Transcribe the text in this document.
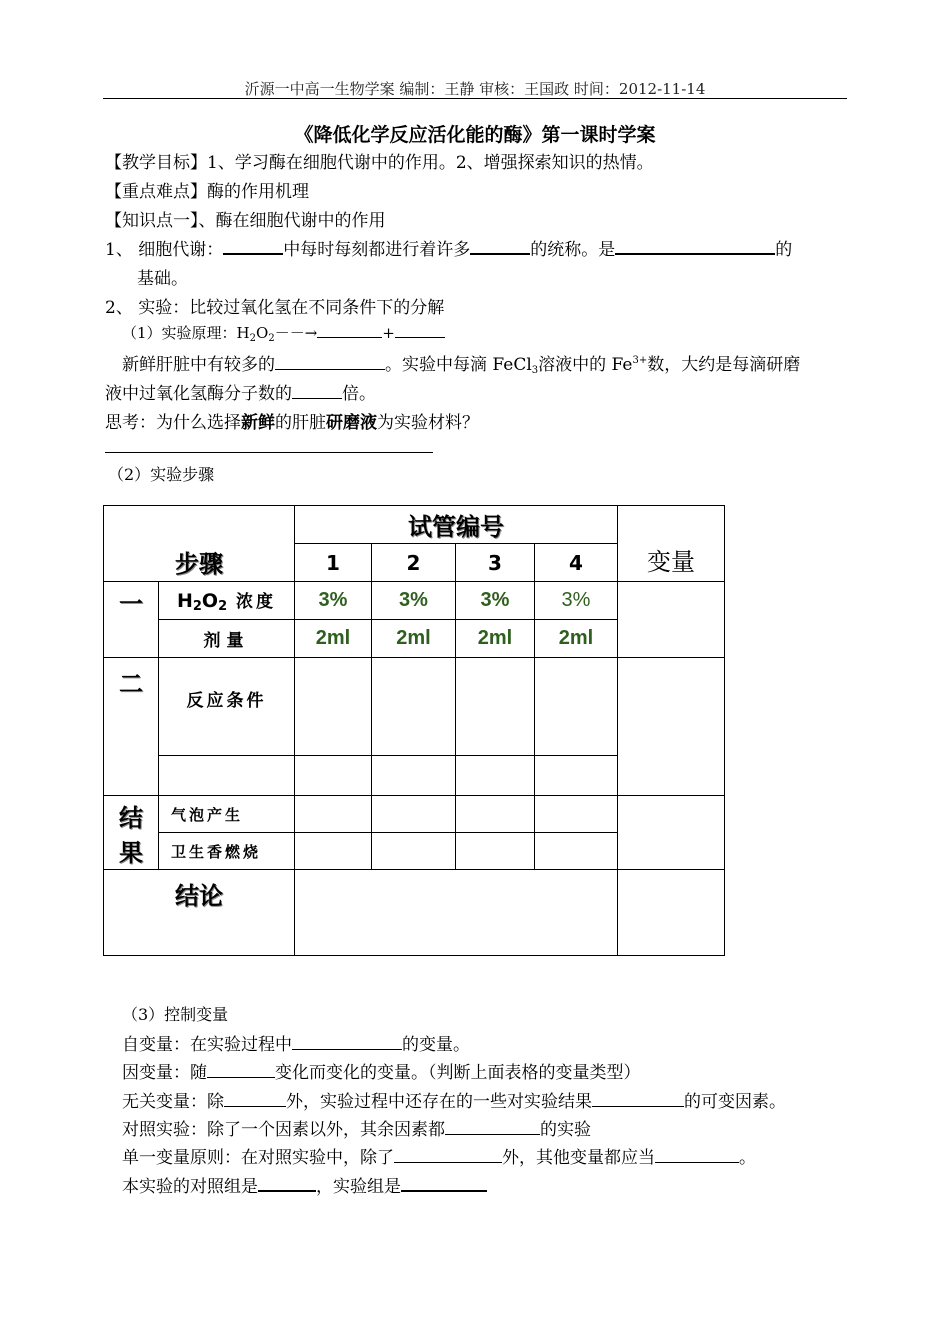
沂源一中高一生物学案 编制：王静 审核：王国政 时间：2012-11-14
《降低化学反应活化能的酶》第一课时学案
【教学目标】1、学习酶在细胞代谢中的作用。2、增强探索知识的热情。
【重点难点】酶的作用机理
【知识点一】、酶在细胞代谢中的作用
1、 细胞代谢：	中每时每刻都进行着许多	的统称。是	的
基础。
2、 实验：比较过氧化氢在不同条件下的分解
（1）实验原理：$H_2O_2--\to$	+
新鲜肝脏中有较多的	。实验中每滴 FeCl$_3$溶液中的 $Fe^{3+}$数，大约是每滴研磨
液中过氧化氢酶分子数的	倍。
思考：为什么选择新鲜的肝脏研磨液为实验材料？
（2）实验步骤
步骤		试管编号				变量
		1	2	3	4	
一	$H_2O_2$ 浓度	3%	3%	3%	3%	
	剂量	2ml	2ml	2ml	2ml	
二	反应条件					

结
果	气泡产生					
	卫生香燃烧					
结论						
（3）控制变量
自变量：在实验过程中	的变量。
因变量：随	变化而变化的变量。（判断上面表格的变量类型）
无关变量：除	外，实验过程中还存在的一些对实验结果	的可变因素。
对照实验：除了一个因素以外，其余因素都	的实验
单一变量原则：在对照实验中，除了	外，其他变量都应当	。
本实验的对照组是	，实验组是
